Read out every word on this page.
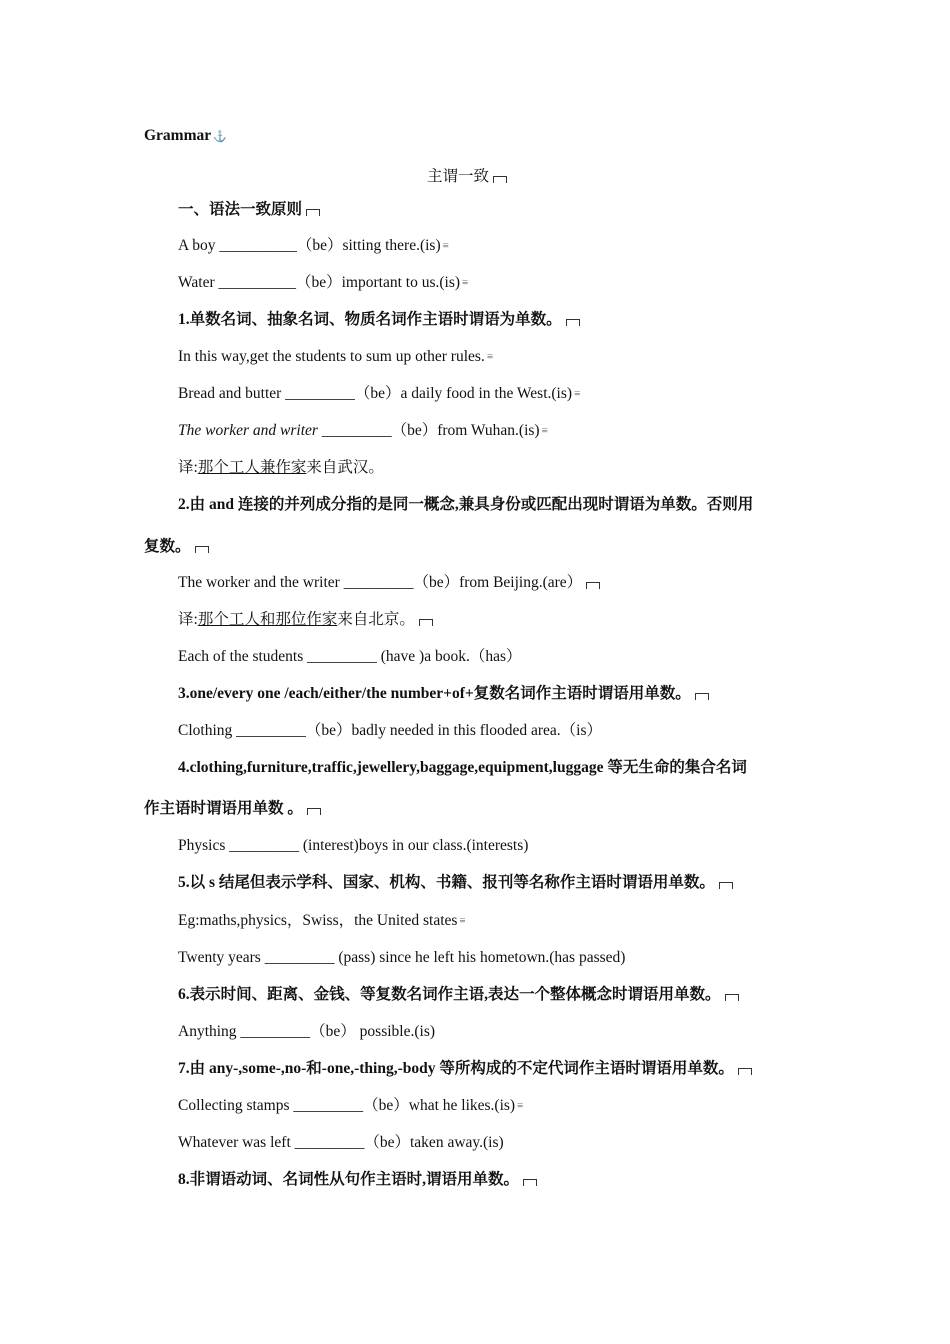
Grammar ⚓
主谓一致
一、语法一致原则
A boy __________（be）sitting there.(is) ≡
Water __________（be）important to us.(is) ≡
1.单数名词、抽象名词、物质名词作主语时谓语为单数。
In this way,get the students to sum up other rules. ≡
Bread and butter _________（be）a daily food in the West.(is) ≡
The worker and writer _________（be）from Wuhan.(is) ≡
译:那个工人兼作家来自武汉。
2.由 and 连接的并列成分指的是同一概念,兼具身份或匹配出现时谓语为单数。否则用
复数。
The worker and the writer _________（be）from Beijing.(are）
译:那个工人和那位作家来自北京。
Each of the students _________ (have )a book.（has）
3.one/every one /each/either/the number+of+复数名词作主语时谓语用单数。
Clothing _________（be）badly needed in this flooded area.（is）
4.clothing,furniture,traffic,jewellery,baggage,equipment,luggage 等无生命的集合名词
作主语时谓语用单数 。
Physics _________ (interest)boys in our class.(interests)
5.以 s 结尾但表示学科、国家、机构、书籍、报刊等名称作主语时谓语用单数。
Eg:maths,physics，Swiss，the United states ≡
Twenty years _________ (pass) since he left his hometown.(has passed)
6.表示时间、距离、金钱、等复数名词作主语,表达一个整体概念时谓语用单数。
Anything _________（be） possible.(is)
7.由 any-,some-,no-和-one,-thing,-body 等所构成的不定代词作主语时谓语用单数。
Collecting stamps _________（be）what he likes.(is) ≡
Whatever was left _________（be）taken away.(is)
8.非谓语动词、名词性从句作主语时,谓语用单数。
